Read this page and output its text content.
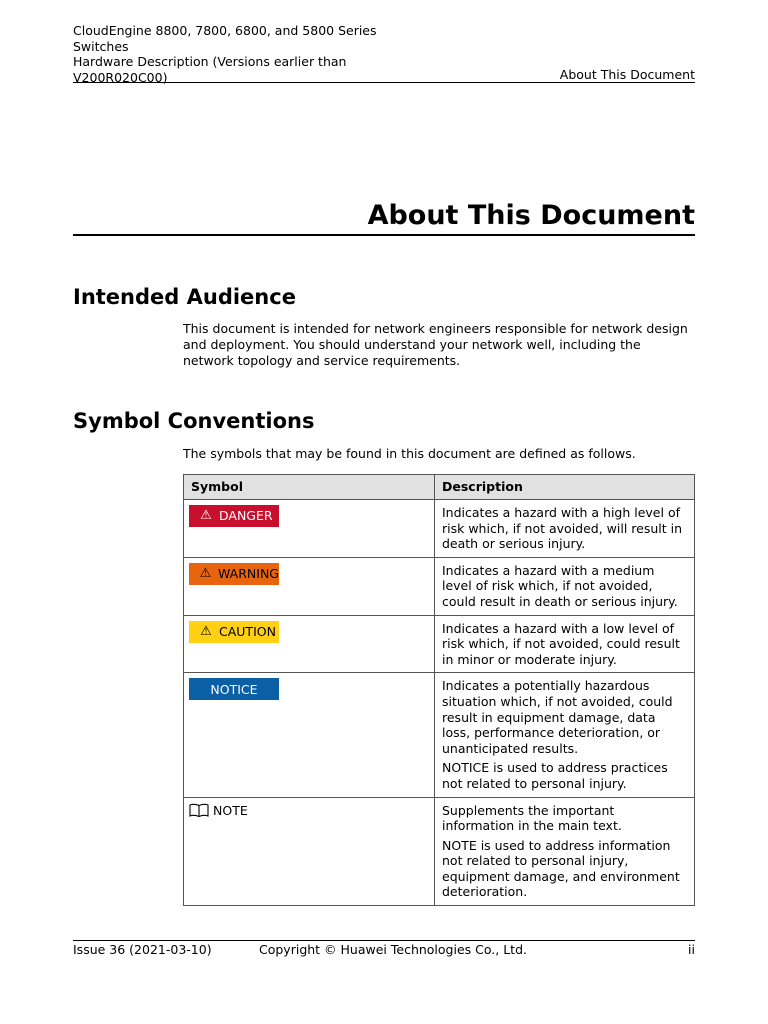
CloudEngine 8800, 7800, 6800, and 5800 Series
Switches
Hardware Description (Versions earlier than
V200R020C00)	About This Document
About This Document
Intended Audience
This document is intended for network engineers responsible for network design and deployment. You should understand your network well, including the network topology and service requirements.
Symbol Conventions
The symbols that may be found in this document are defined as follows.
Symbol	Description

⚠ DANGER	Indicates a hazard with a high level of risk which, if not avoided, will result in death or serious injury.

⚠ WARNING	Indicates a hazard with a medium level of risk which, if not avoided, could result in death or serious injury.

⚠ CAUTION	Indicates a hazard with a low level of risk which, if not avoided, could result in minor or moderate injury.

NOTICE	Indicates a potentially hazardous situation which, if not avoided, could result in equipment damage, data loss, performance deterioration, or unanticipated results.

NOTICE is used to address practices not related to personal injury.

NOTE	Supplements the important information in the main text.

NOTE is used to address information not related to personal injury, equipment damage, and environment deterioration.

Issue 36 (2021-03-10)	Copyright © Huawei Technologies Co., Ltd.	ii
